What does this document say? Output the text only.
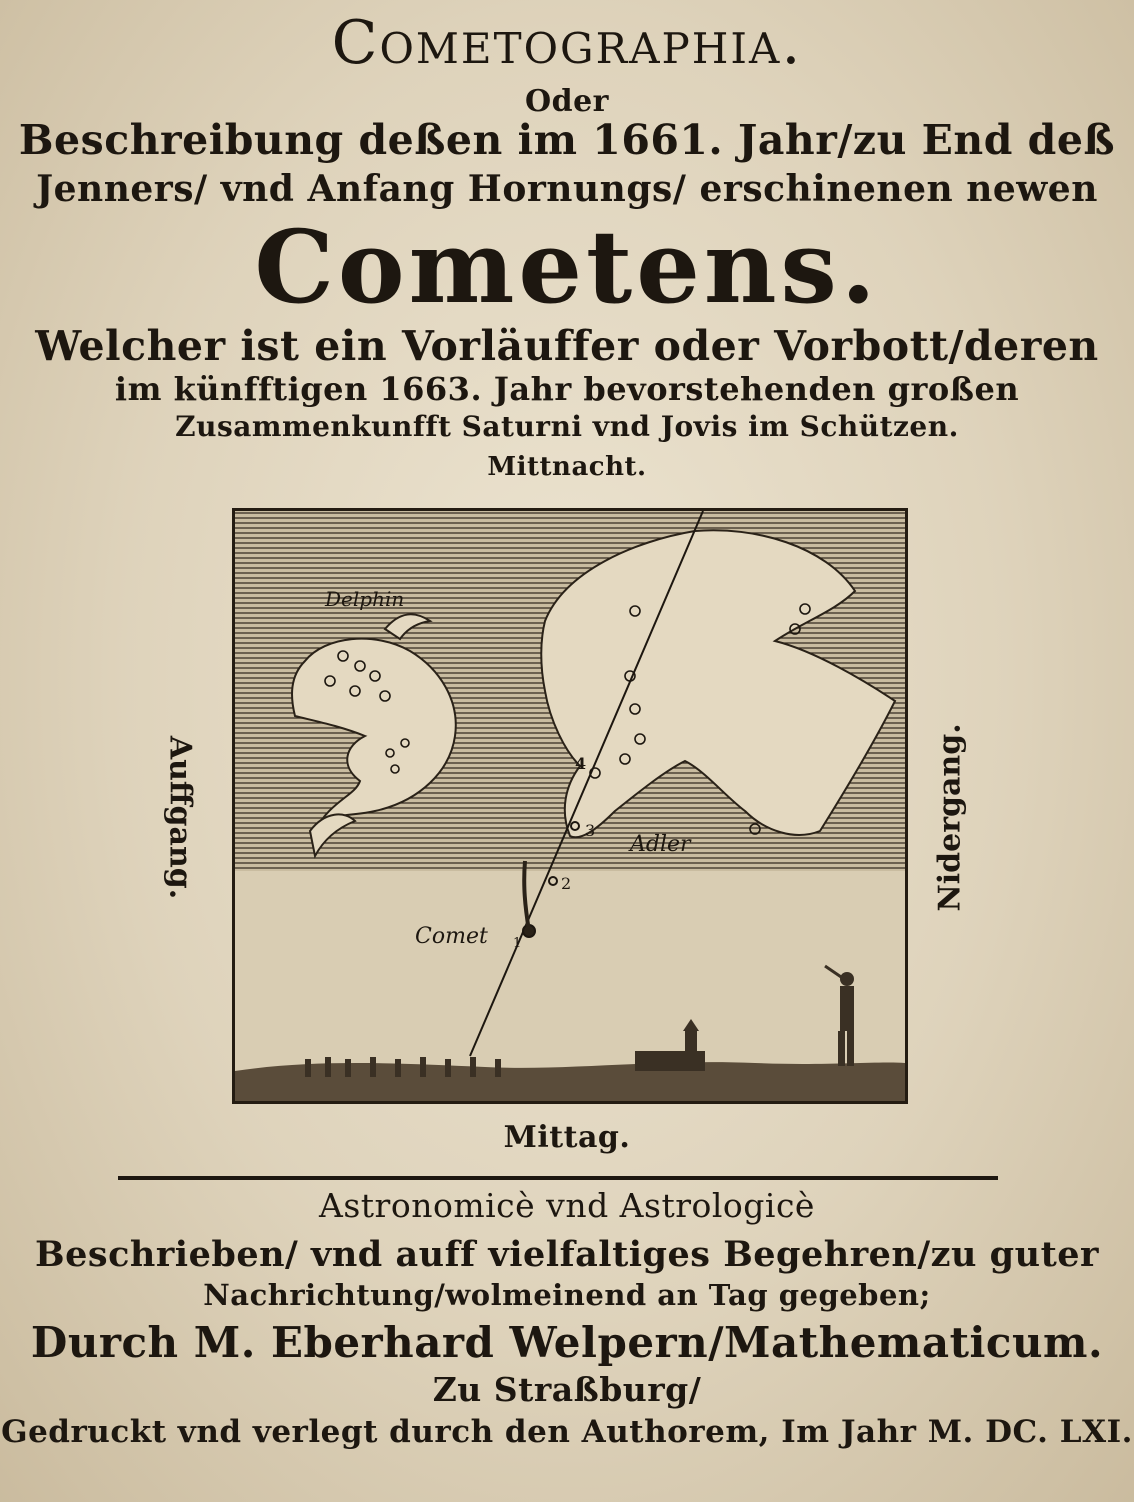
Cometographia.
Oder
Beschreibung deßen im 1661. Jahr/zu End deß
Jenners/ vnd Anfang Hornungs/ erschinenen newen
Cometens.
Welcher ist ein Vorläuffer oder Vorbott/deren
im künfftigen 1663. Jahr bevorstehenden großen
Zusammenkunfft Saturni vnd Jovis im Schützen.
Mittnacht.
Auffgang.	Nidergang.
Delphin
Adler
Comet 1
2
3
4
Mittag.
Astronomicè vnd Astrologicè
Beschrieben/ vnd auff vielfaltiges Begehren/zu guter
Nachrichtung/wolmeinend an Tag gegeben;
Durch M. Eberhard Welpern/Mathematicum.
Zu Straßburg/
Gedruckt vnd verlegt durch den Authorem, Im Jahr M. DC. LXI.
